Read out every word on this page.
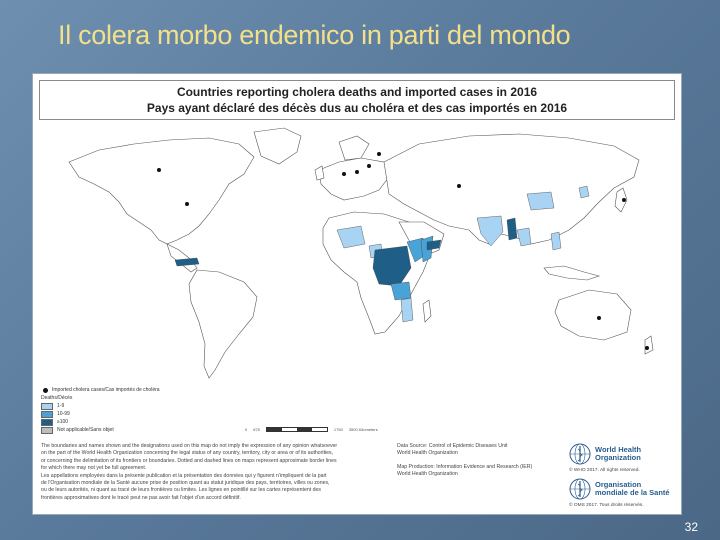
Il colera morbo endemico in parti del mondo
Countries reporting cholera deaths and imported cases in 2016
Pays ayant déclaré des décès dus au choléra et des cas importés en 2016
Imported cholera cases/Cas importés de choléra
Deaths/Décès
1-9
10-99
≥100
Not applicable/Sans objet	0 875	1750 3500 Kilometers
The boundaries and names shown and the designations used on this map do not imply the expression of any opinion whatsoever
on the part of the World Health Organization concerning the legal status of any country, territory, city or area or of its authorities,
or concerning the delimitation of its frontiers or boundaries. Dotted and dashed lines on maps represent approximate border lines
for which there may not yet be full agreement.
Les appellations employées dans la présente publication et la présentation des données qui y figurent n'impliquent de la part
de l'Organisation mondiale de la Santé aucune prise de position quant au statut juridique des pays, territoires, villes ou zones,
ou de leurs autorités, ni quant au tracé de leurs frontières ou limites. Les lignes en pointillé sur les cartes représentent des
frontières approximatives dont le tracé peut ne pas avoir fait l'objet d'un accord définitif.
Data Source: Control of Epidemic Diseases Unit
World Health Organization
Map Production: Information Evidence and Research (IER)
World Health Organization
World Health
Organization
© WHO 2017. All rights reserved.
Organisation
mondiale de la Santé
© OMS 2017. Tous droits réservés.
32
